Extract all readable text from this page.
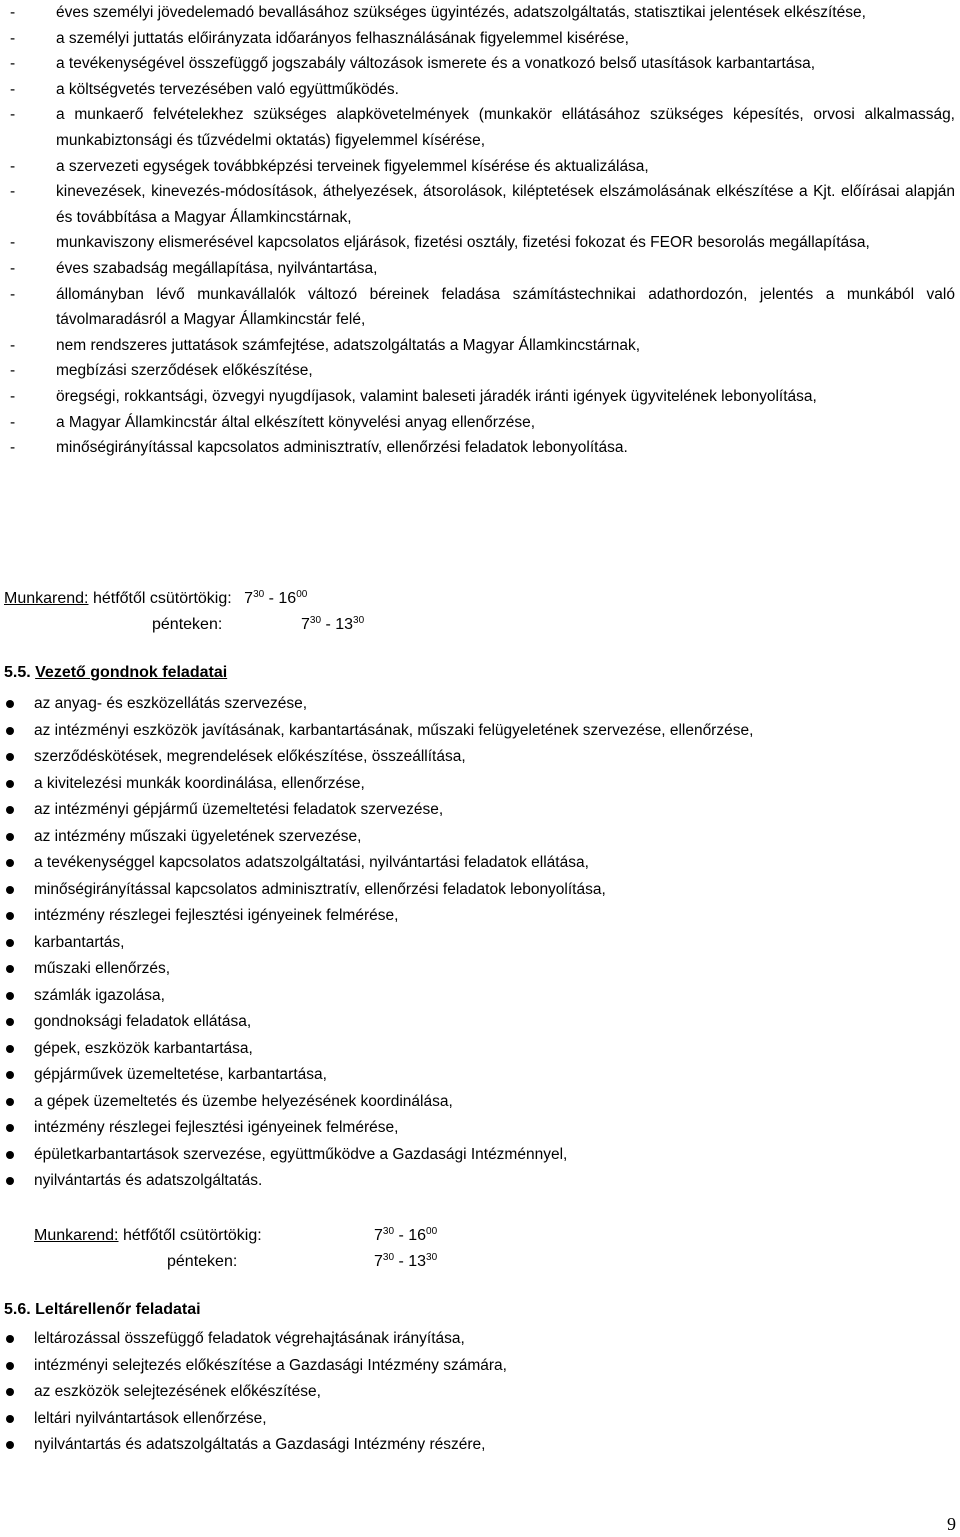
-	éves személyi jövedelemadó bevallásához szükséges ügyintézés, adatszolgáltatás, statisztikai jelentések elkészítése,
-	a személyi juttatás előirányzata időarányos felhasználásának figyelemmel kisérése,
-	a tevékenységével összefüggő jogszabály változások ismerete és a vonatkozó belső utasítások karbantartása,
-	a költségvetés tervezésében való együttműködés.
-	a munkaerő felvételekhez szükséges alapkövetelmények (munkakör ellátásához szükséges képesítés, orvosi alkalmasság, munkabiztonsági és tűzvédelmi oktatás) figyelemmel kísérése,
-	a szervezeti egységek továbbképzési terveinek figyelemmel kísérése és aktualizálása,
-	kinevezések, kinevezés-módosítások, áthelyezések, átsorolások, kiléptetések elszámolásának elkészítése a Kjt. előírásai alapján és továbbítása a Magyar Államkincstárnak,
-	munkaviszony elismerésével kapcsolatos eljárások, fizetési osztály, fizetési fokozat és FEOR besorolás megállapítása,
-	éves szabadság megállapítása, nyilvántartása,
-	állományban lévő munkavállalók változó béreinek feladása számítástechnikai adathordozón, jelentés a munkából való távolmaradásról a Magyar Államkincstár felé,
-	nem rendszeres juttatások számfejtése, adatszolgáltatás a Magyar Államkincstárnak,
-	megbízási szerződések előkészítése,
-	öregségi, rokkantsági, özvegyi nyugdíjasok, valamint baleseti járadék iránti igények ügyvitelének lebonyolítása,
-	a Magyar Államkincstár által elkészített könyvelési anyag ellenőrzése,
-	minőségirányítással kapcsolatos adminisztratív, ellenőrzési feladatok lebonyolítása.
Munkarend: hétfőtől csütörtökig: $7^{30} - 16^{00}$
pénteken:	$7^{30} - 13^{30}$
5.5. Vezető gondnok feladatai
az anyag- és eszközellátás szervezése,
az intézményi eszközök javításának, karbantartásának, műszaki felügyeletének szervezése, ellenőrzése,
szerződéskötések, megrendelések előkészítése, összeállítása,
a kivitelezési munkák koordinálása, ellenőrzése,
az intézményi gépjármű üzemeltetési feladatok szervezése,
az intézmény műszaki ügyeletének szervezése,
a tevékenységgel kapcsolatos adatszolgáltatási, nyilvántartási feladatok ellátása,
minőségirányítással kapcsolatos adminisztratív, ellenőrzési feladatok lebonyolítása,
intézmény részlegei fejlesztési igényeinek felmérése,
karbantartás,
műszaki ellenőrzés,
számlák igazolása,
gondnoksági feladatok ellátása,
gépek, eszközök karbantartása,
gépjárművek üzemeltetése, karbantartása,
a gépek üzemeltetés és üzembe helyezésének koordinálása,
intézmény részlegei fejlesztési igényeinek felmérése,
épületkarbantartások szervezése, együttműködve a Gazdasági Intézménnyel,
nyilvántartás és adatszolgáltatás.
Munkarend: hétfőtől csütörtökig:	$7^{30} - 16^{00}$
pénteken:	$7^{30} - 13^{30}$
5.6. Leltárellenőr feladatai
leltározással összefüggő feladatok végrehajtásának irányítása,
intézményi selejtezés előkészítése a Gazdasági Intézmény számára,
az eszközök selejtezésének előkészítése,
leltári nyilvántartások ellenőrzése,
nyilvántartás és adatszolgáltatás a Gazdasági Intézmény részére,
9
